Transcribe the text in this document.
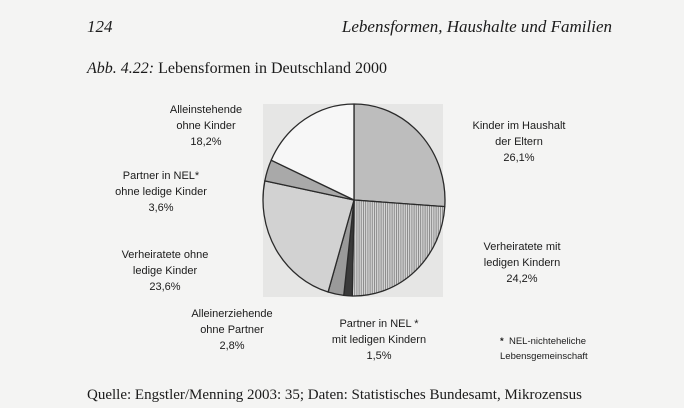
124	Lebensformen, Haushalte und Familien
Abb. 4.22: Lebensformen in Deutschland 2000
Kinder im Haushalt
der Eltern
26,1%
Verheiratete mit
ledigen Kindern
24,2%
Partner in NEL *
mit ledigen Kindern
1,5%
Alleinerziehende
ohne Partner
2,8%
Verheiratete ohne
ledige Kinder
23,6%
Partner in NEL*
ohne ledige Kinder
3,6%
Alleinstehende
ohne Kinder
18,2%
* NEL-nichteheliche
Lebensgemeinschaft
Quelle: Engstler/Menning 2003: 35; Daten: Statistisches Bundesamt, Mikrozensus
